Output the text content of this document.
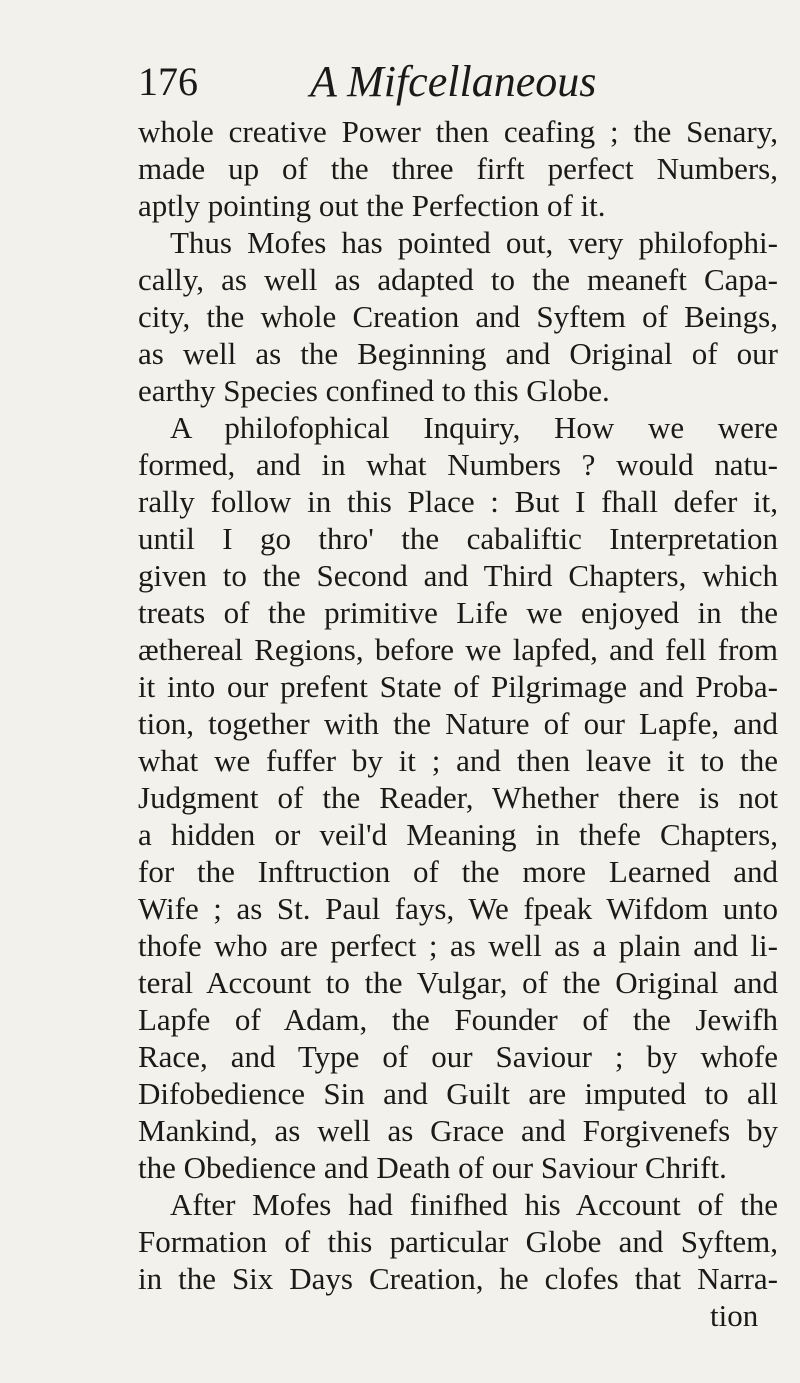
176	A Mifcellaneous
whole creative Power then ceafing ; the Senary,
made up of the three firft perfect Numbers,
aptly pointing out the Perfection of it.
Thus Mofes has pointed out, very philofophi-
cally, as well as adapted to the meaneft Capa-
city, the whole Creation and Syftem of Beings,
as well as the Beginning and Original of our
earthy Species confined to this Globe.
A philofophical Inquiry, How we were
formed, and in what Numbers ? would natu-
rally follow in this Place : But I fhall defer it,
until I go thro' the cabaliftic Interpretation
given to the Second and Third Chapters, which
treats of the primitive Life we enjoyed in the
æthereal Regions, before we lapfed, and fell from
it into our prefent State of Pilgrimage and Proba-
tion, together with the Nature of our Lapfe, and
what we fuffer by it ; and then leave it to the
Judgment of the Reader, Whether there is not
a hidden or veil'd Meaning in thefe Chapters,
for the Inftruction of the more Learned and
Wife ; as St. Paul fays, We fpeak Wifdom unto
thofe who are perfect ; as well as a plain and li-
teral Account to the Vulgar, of the Original and
Lapfe of Adam, the Founder of the Jewifh
Race, and Type of our Saviour ; by whofe
Difobedience Sin and Guilt are imputed to all
Mankind, as well as Grace and Forgivenefs by
the Obedience and Death of our Saviour Chrift.
After Mofes had finifhed his Account of the
Formation of this particular Globe and Syftem,
in the Six Days Creation, he clofes that Narra-
tion
